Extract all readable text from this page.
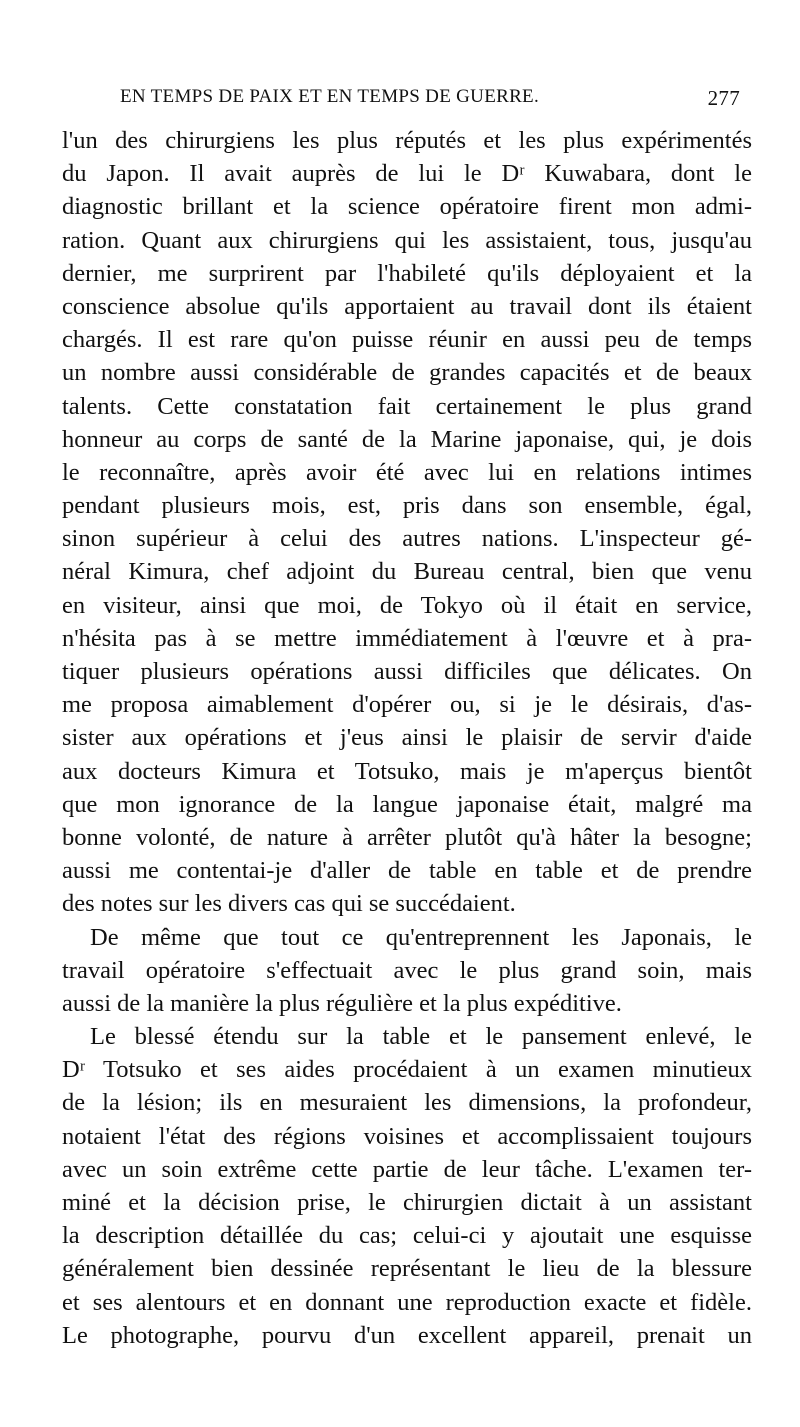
EN TEMPS DE PAIX ET EN TEMPS DE GUERRE.	277
l'un des chirurgiens les plus réputés et les plus expérimentés
du Japon. Il avait auprès de lui le Dʳ Kuwabara, dont le
diagnostic brillant et la science opératoire firent mon admi-
ration. Quant aux chirurgiens qui les assistaient, tous, jusqu'au
dernier, me surprirent par l'habileté qu'ils déployaient et la
conscience absolue qu'ils apportaient au travail dont ils étaient
chargés. Il est rare qu'on puisse réunir en aussi peu de temps
un nombre aussi considérable de grandes capacités et de beaux
talents. Cette constatation fait certainement le plus grand
honneur au corps de santé de la Marine japonaise, qui, je dois
le reconnaître, après avoir été avec lui en relations intimes
pendant plusieurs mois, est, pris dans son ensemble, égal,
sinon supérieur à celui des autres nations. L'inspecteur gé-
néral Kimura, chef adjoint du Bureau central, bien que venu
en visiteur, ainsi que moi, de Tokyo où il était en service,
n'hésita pas à se mettre immédiatement à l'œuvre et à pra-
tiquer plusieurs opérations aussi difficiles que délicates. On
me proposa aimablement d'opérer ou, si je le désirais, d'as-
sister aux opérations et j'eus ainsi le plaisir de servir d'aide
aux docteurs Kimura et Totsuko, mais je m'aperçus bientôt
que mon ignorance de la langue japonaise était, malgré ma
bonne volonté, de nature à arrêter plutôt qu'à hâter la besogne;
aussi me contentai-je d'aller de table en table et de prendre
des notes sur les divers cas qui se succédaient.
De même que tout ce qu'entreprennent les Japonais, le
travail opératoire s'effectuait avec le plus grand soin, mais
aussi de la manière la plus régulière et la plus expéditive.
Le blessé étendu sur la table et le pansement enlevé, le
Dʳ Totsuko et ses aides procédaient à un examen minutieux
de la lésion; ils en mesuraient les dimensions, la profondeur,
notaient l'état des régions voisines et accomplissaient toujours
avec un soin extrême cette partie de leur tâche. L'examen ter-
miné et la décision prise, le chirurgien dictait à un assistant
la description détaillée du cas; celui-ci y ajoutait une esquisse
généralement bien dessinée représentant le lieu de la blessure
et ses alentours et en donnant une reproduction exacte et fidèle.
Le photographe, pourvu d'un excellent appareil, prenait un
